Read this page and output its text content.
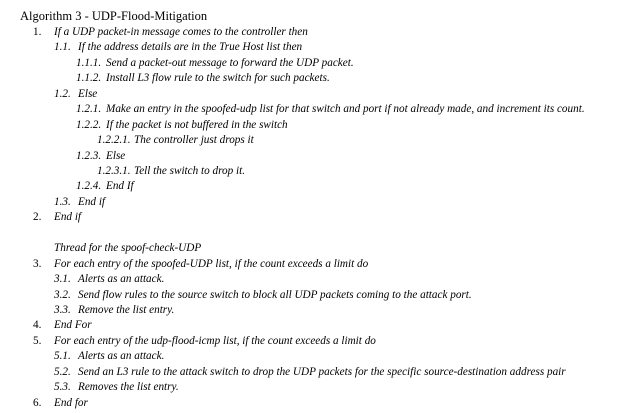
Algorithm 3 - UDP-Flood-Mitigation
1. If a UDP packet-in message comes to the controller then
1.1. If the address details are in the True Host list then
1.1.1. Send a packet-out message to forward the UDP packet.
1.1.2. Install L3 flow rule to the switch for such packets.
1.2. Else
1.2.1. Make an entry in the spoofed-udp list for that switch and port if not already made, and increment its count.
1.2.2. If the packet is not buffered in the switch
1.2.2.1. The controller just drops it
1.2.3. Else
1.2.3.1. Tell the switch to drop it.
1.2.4. End If
1.3. End if
2. End if
Thread for the spoof-check-UDP
3. For each entry of the spoofed-UDP list, if the count exceeds a limit do
3.1. Alerts as an attack.
3.2. Send flow rules to the source switch to block all UDP packets coming to the attack port.
3.3. Remove the list entry.
4. End For
5. For each entry of the udp-flood-icmp list, if the count exceeds a limit do
5.1. Alerts as an attack.
5.2. Send an L3 rule to the attack switch to drop the UDP packets for the specific source-destination address pair
5.3. Removes the list entry.
6. End for
